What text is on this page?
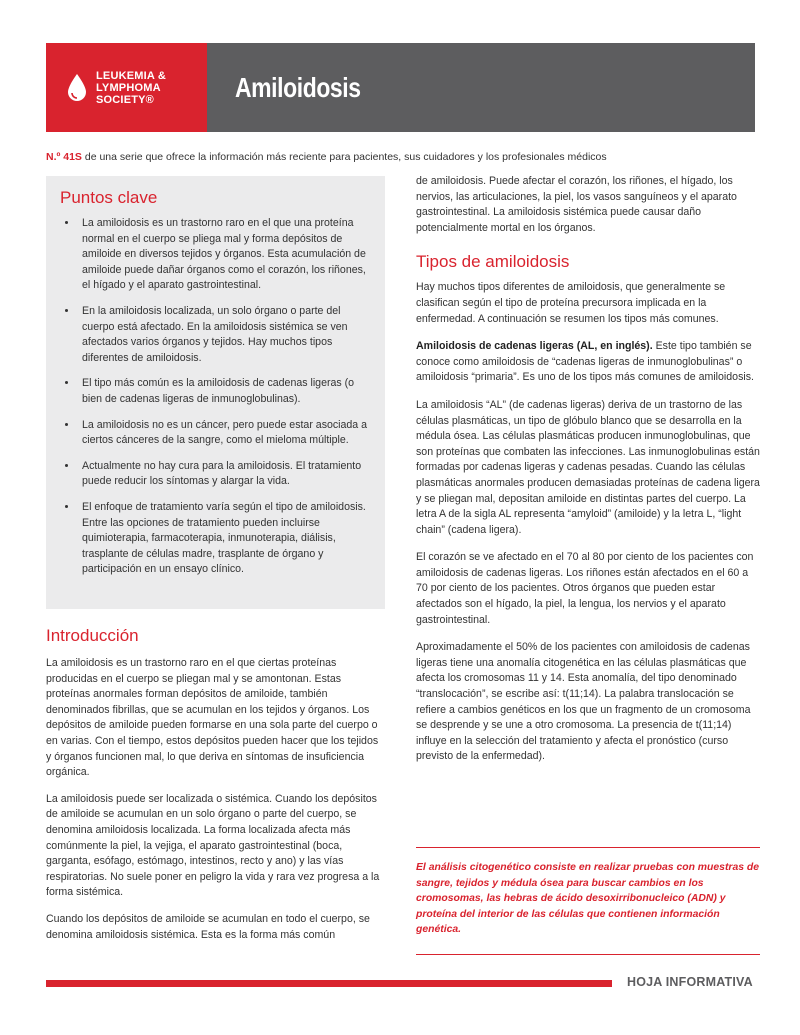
LEUKEMIA &
LYMPHOMA
SOCIETY®	Amiloidosis
N.º 41S de una serie que ofrece la información más reciente para pacientes, sus cuidadores y los profesionales médicos
Puntos clave
• La amiloidosis es un trastorno raro en el que una proteína normal en el cuerpo se pliega mal y forma depósitos de amiloide en diversos tejidos y órganos. Esta acumulación de amiloide puede dañar órganos como el corazón, los riñones, el hígado y el aparato gastrointestinal.
• En la amiloidosis localizada, un solo órgano o parte del cuerpo está afectado. En la amiloidosis sistémica se ven afectados varios órganos y tejidos. Hay muchos tipos diferentes de amiloidosis.
• El tipo más común es la amiloidosis de cadenas ligeras (o bien de cadenas ligeras de inmunoglobulinas).
• La amiloidosis no es un cáncer, pero puede estar asociada a ciertos cánceres de la sangre, como el mieloma múltiple.
• Actualmente no hay cura para la amiloidosis. El tratamiento puede reducir los síntomas y alargar la vida.
• El enfoque de tratamiento varía según el tipo de amiloidosis. Entre las opciones de tratamiento pueden incluirse quimioterapia, farmacoterapia, inmunoterapia, diálisis, trasplante de células madre, trasplante de órgano y participación en un ensayo clínico.
Introducción

La amiloidosis es un trastorno raro en el que ciertas proteínas producidas en el cuerpo se pliegan mal y se amontonan. Estas proteínas anormales forman depósitos de amiloide, también denominados fibrillas, que se acumulan en los tejidos y órganos. Los depósitos de amiloide pueden formarse en una sola parte del cuerpo o en varias. Con el tiempo, estos depósitos pueden hacer que los tejidos y órganos funcionen mal, lo que deriva en síntomas de insuficiencia orgánica.

La amiloidosis puede ser localizada o sistémica. Cuando los depósitos de amiloide se acumulan en un solo órgano o parte del cuerpo, se denomina amiloidosis localizada. La forma localizada afecta más comúnmente la piel, la vejiga, el aparato gastrointestinal (boca, garganta, esófago, estómago, intestinos, recto y ano) y las vías respiratorias. No suele poner en peligro la vida y rara vez progresa a la forma sistémica.

Cuando los depósitos de amiloide se acumulan en todo el cuerpo, se denomina amiloidosis sistémica. Esta es la forma más común

de amiloidosis. Puede afectar el corazón, los riñones, el hígado, los nervios, las articulaciones, la piel, los vasos sanguíneos y el aparato gastrointestinal. La amiloidosis sistémica puede causar daño potencialmente mortal en los órganos.

Tipos de amiloidosis

Hay muchos tipos diferentes de amiloidosis, que generalmente se clasifican según el tipo de proteína precursora implicada en la enfermedad. A continuación se resumen los tipos más comunes.

Amiloidosis de cadenas ligeras (AL, en inglés). Este tipo también se conoce como amiloidosis de “cadenas ligeras de inmunoglobulinas” o amiloidosis “primaria”. Es uno de los tipos más comunes de amiloidosis.

La amiloidosis “AL” (de cadenas ligeras) deriva de un trastorno de las células plasmáticas, un tipo de glóbulo blanco que se desarrolla en la médula ósea. Las células plasmáticas producen inmunoglobulinas, que son proteínas que combaten las infecciones. Las inmunoglobulinas están formadas por cadenas ligeras y cadenas pesadas. Cuando las células plasmáticas anormales producen demasiadas proteínas de cadena ligera y se pliegan mal, depositan amiloide en distintas partes del cuerpo. La letra A de la sigla AL representa “amyloid” (amiloide) y la letra L, “light chain” (cadena ligera).

El corazón se ve afectado en el 70 al 80 por ciento de los pacientes con amiloidosis de cadenas ligeras. Los riñones están afectados en el 60 a 70 por ciento de los pacientes. Otros órganos que pueden estar afectados son el hígado, la piel, la lengua, los nervios y el aparato gastrointestinal.

Aproximadamente el 50% de los pacientes con amiloidosis de cadenas ligeras tiene una anomalía citogenética en las células plasmáticas que afecta los cromosomas 11 y 14. Esta anomalía, del tipo denominado “translocación”, se escribe así: t(11;14). La palabra translocación se refiere a cambios genéticos en los que un fragmento de un cromosoma se desprende y se une a otro cromosoma. La presencia de t(11;14) influye en la selección del tratamiento y afecta el pronóstico (curso previsto de la enfermedad).

El análisis citogenético consiste en realizar pruebas con muestras de sangre, tejidos y médula ósea para buscar cambios en los cromosomas, las hebras de ácido desoxirribonucleico (ADN) y proteína del interior de las células que contienen información genética.

HOJA INFORMATIVA
